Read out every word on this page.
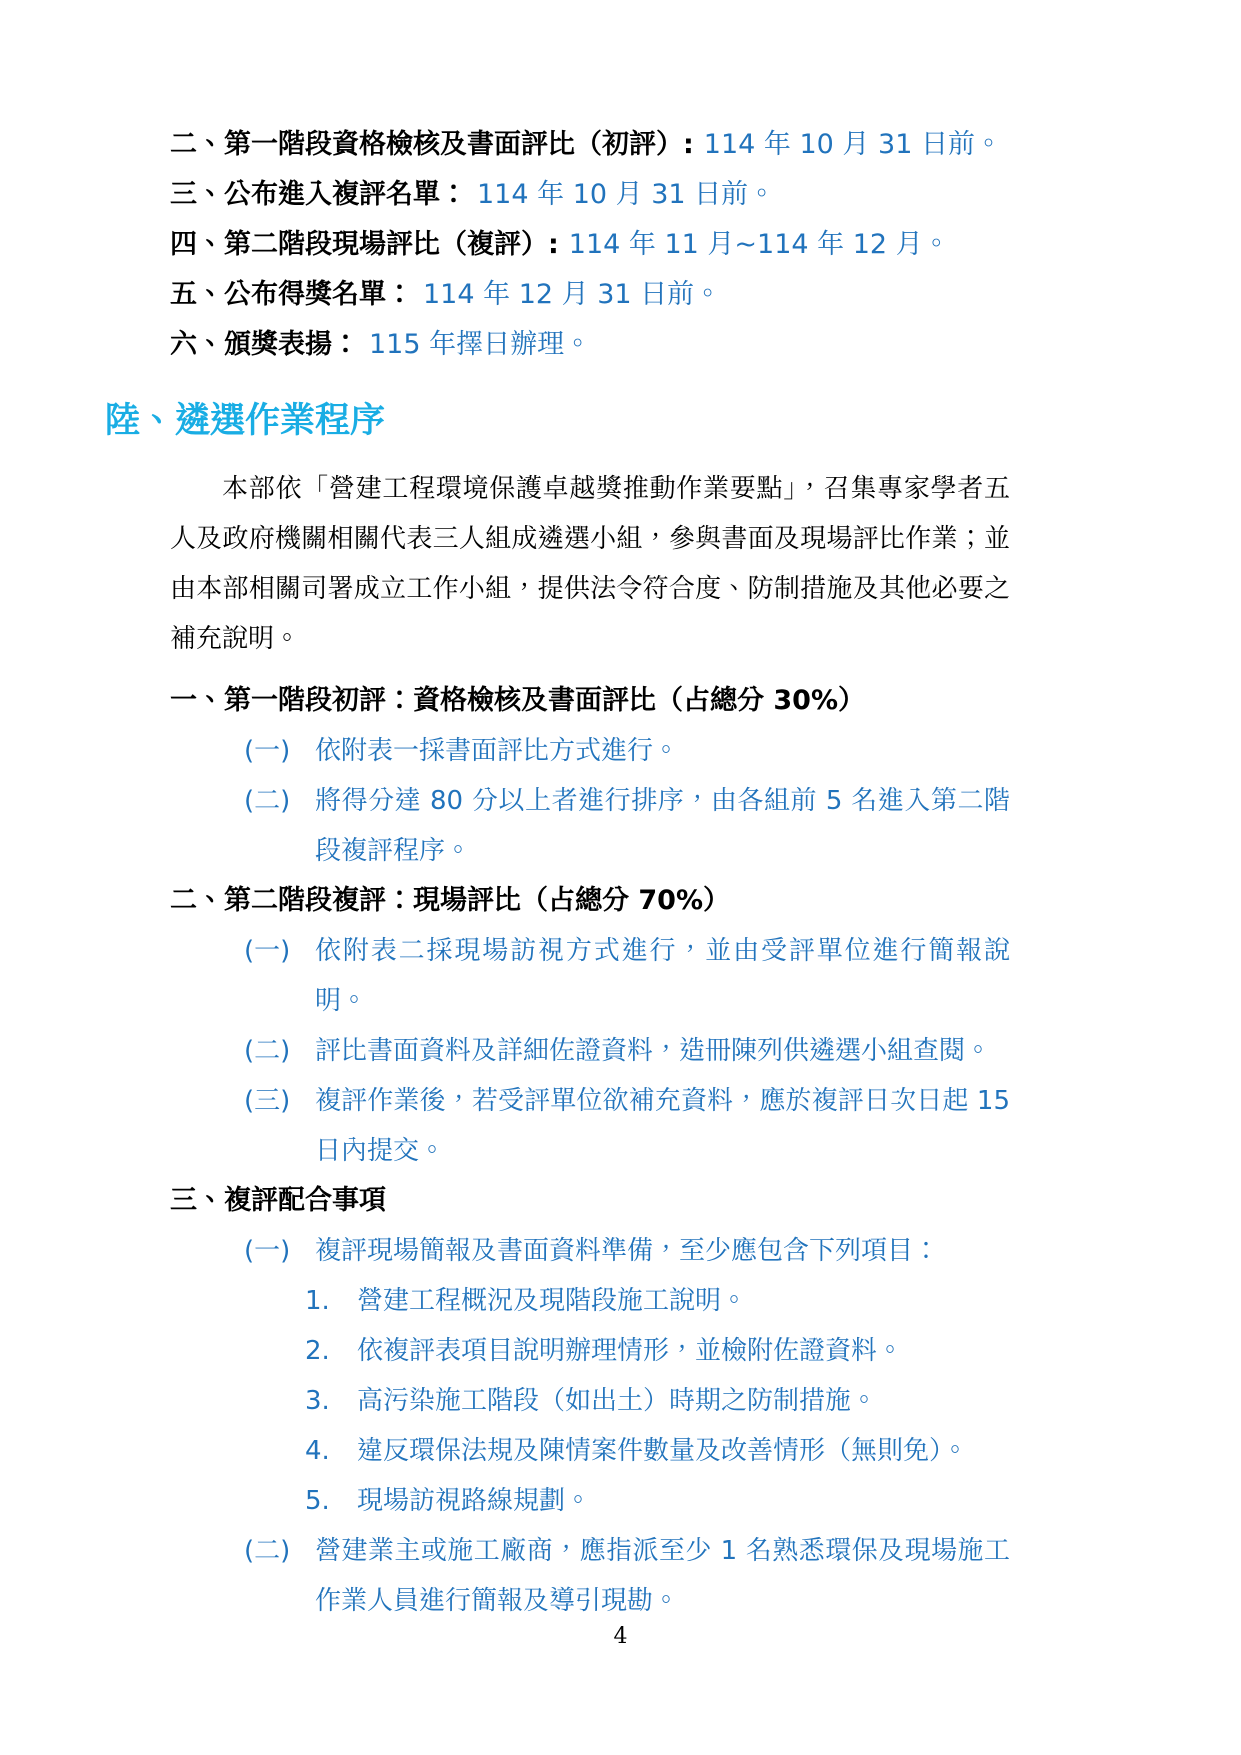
二、第一階段資格檢核及書面評比（初評）: 114 年 10 月 31 日前。
三、公布進入複評名單： 114 年 10 月 31 日前。
四、第二階段現場評比（複評）: 114 年 11 月~114 年 12 月。
五、公布得獎名單： 114 年 12 月 31 日前。
六、頒獎表揚： 115 年擇日辦理。
陸、遴選作業程序

本部依「營建工程環境保護卓越獎推動作業要點」，召集專家學者五人及政府機關相關代表三人組成遴選小組，參與書面及現場評比作業；並由本部相關司署成立工作小組，提供法令符合度、防制措施及其他必要之補充說明。

一、第一階段初評：資格檢核及書面評比（占總分 30%）
(一) 依附表一採書面評比方式進行。
(二) 將得分達 80 分以上者進行排序，由各組前 5 名進入第二階段複評程序。
二、第二階段複評：現場評比（占總分 70%）
(一) 依附表二採現場訪視方式進行，並由受評單位進行簡報說明。
(二) 評比書面資料及詳細佐證資料，造冊陳列供遴選小組查閱。
(三) 複評作業後，若受評單位欲補充資料，應於複評日次日起 15 日內提交。
三、複評配合事項
(一) 複評現場簡報及書面資料準備，至少應包含下列項目：
1.	營建工程概況及現階段施工說明。
2.	依複評表項目說明辦理情形，並檢附佐證資料。
3.	高污染施工階段（如出土）時期之防制措施。
4.	違反環保法規及陳情案件數量及改善情形（無則免）。
5.	現場訪視路線規劃。
(二) 營建業主或施工廠商，應指派至少 1 名熟悉環保及現場施工作業人員進行簡報及導引現勘。
4
